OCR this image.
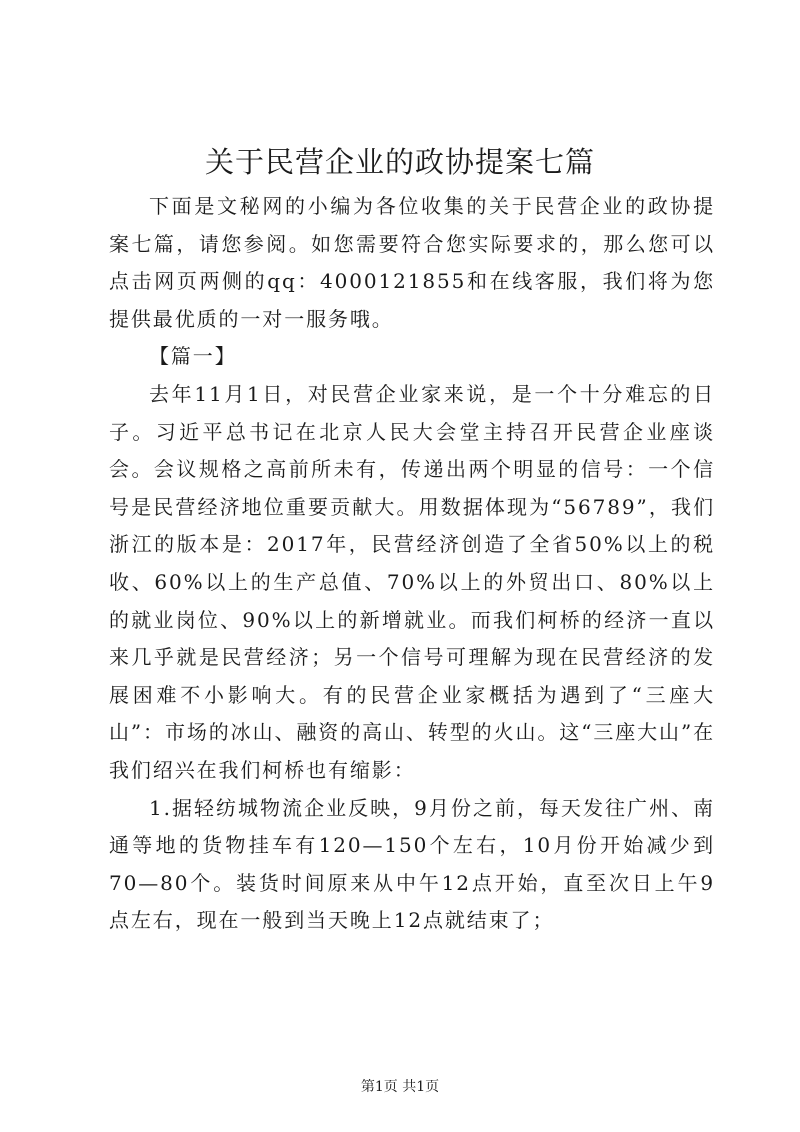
关于民营企业的政协提案七篇

下面是文秘网的小编为各位收集的关于民营企业的政协提案七篇，请您参阅。如您需要符合您实际要求的，那么您可以点击网页两侧的qq：4000121855和在线客服，我们将为您提供最优质的一对一服务哦。

【篇一】

去年11月1日，对民营企业家来说，是一个十分难忘的日子。习近平总书记在北京人民大会堂主持召开民营企业座谈会。会议规格之高前所未有，传递出两个明显的信号：一个信号是民营经济地位重要贡献大。用数据体现为“56789”，我们浙江的版本是：2017年，民营经济创造了全省50%以上的税收、60%以上的生产总值、70%以上的外贸出口、80%以上的就业岗位、90%以上的新增就业。而我们柯桥的经济一直以来几乎就是民营经济；另一个信号可理解为现在民营经济的发展困难不小影响大。有的民营企业家概括为遇到了“三座大山”：市场的冰山、融资的高山、转型的火山。这“三座大山”在我们绍兴在我们柯桥也有缩影：

1.据轻纺城物流企业反映，9月份之前，每天发往广州、南通等地的货物挂车有120—150个左右，10月份开始减少到70—80个。装货时间原来从中午12点开始，直至次日上午9点左右，现在一般到当天晚上12点就结束了；

第1页 共1页
